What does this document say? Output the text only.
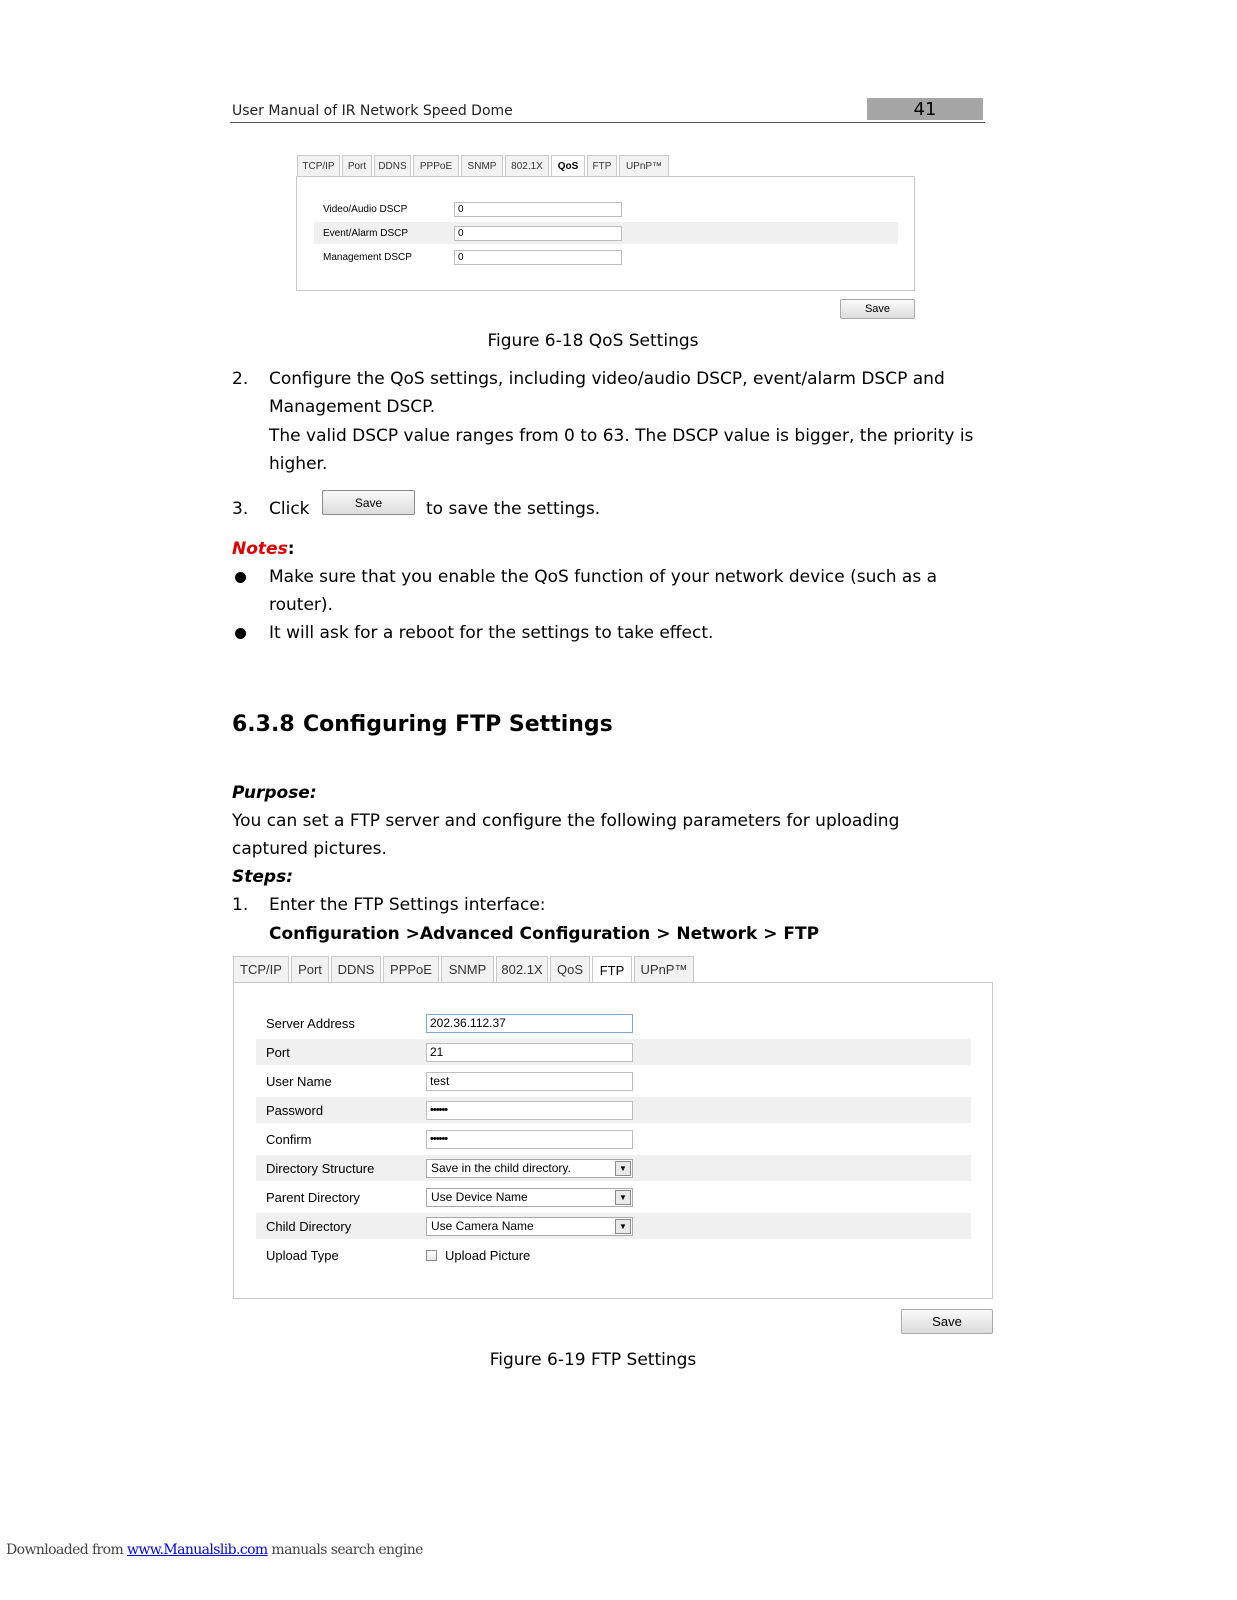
User Manual of IR Network Speed Dome	41
TCP/IP	Port	DDNS	PPPoE	SNMP	802.1X	QoS	FTP	UPnP™
Video/Audio DSCP	0
Event/Alarm DSCP	0
Management DSCP	0
Save
Figure 6-18 QoS Settings
2. Configure the QoS settings, including video/audio DSCP, event/alarm DSCP and
Management DSCP.
The valid DSCP value ranges from 0 to 63. The DSCP value is bigger, the priority is
higher.
3. Click	Save	to save the settings.
Notes:
Make sure that you enable the QoS function of your network device (such as a
router).
It will ask for a reboot for the settings to take effect.
6.3.8 Configuring FTP Settings
Purpose:
You can set a FTP server and configure the following parameters for uploading
captured pictures.
Steps:
1. Enter the FTP Settings interface:
Configuration >Advanced Configuration > Network > FTP
TCP/IP	Port	DDNS	PPPoE	SNMP	802.1X	QoS	FTP	UPnP™
Server Address	202.36.112.37
Port	21
User Name	test
Password	••••••
Confirm	••••••
Directory Structure	Save in the child directory.	▼
Parent Directory	Use Device Name	▼
Child Directory	Use Camera Name	▼
Upload Type	Upload Picture
Save
Figure 6-19 FTP Settings
Downloaded from www.Manualslib.com manuals search engine
